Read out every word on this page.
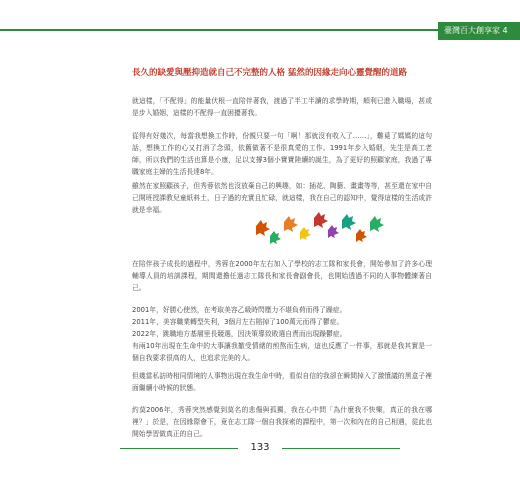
臺灣百大創享家 4
長久的缺愛與壓抑造就自己不完整的人格 猛然的因緣走向心靈覺醒的道路
就這樣，「不配得」的能量伏根一直陪伴著我，渡過了半工半讀的求學時期，順利已進入職場，甚或是步入婚姻，這樣的不配得一直困擾著我。
從得有好幾次，每當我想換工作時，份親只要一句「啊！那就沒有收入了……」，難覓了媽媽的這句話，想換工作的心又打消了念頭，依舊做著不是很真愛的工作。1991年步入婚姻，先生是高工老師，所以我們的生活也算是小康，足以支撐3個小寶寶陸續的誕生，為了更好的照顧家庭，我過了專職家庭主婦的生活長達8年。
雖然在家照顧孩子，但秀蓉依然也沒放棄自己的興趣，如：插花、陶藝、畫畫等等，甚至還在家中自己開班授課教兒童紙料土，日子過的充實且忙碌，就這樣，我在自己的認知中，覺得這樣的生活或許就是幸福。
在陪伴孩子成長的過程中，秀蓉在2000年左右加入了學校的志工隊和家長會，開始參加了許多心理輔導人員的培訓課程，期間還擔任過志工隊長和家長會副會長，也開始透過不同的人事物體練著自己。
2001年，好勝心使然，在考取美容乙級時閃壓力不堪負荷而得了躁症。
2011年，美容職業轉型失利，3個月左右賠掉了100萬元而得了鬱症。
2022年，跳職地方基層里長競選，因決策導致敗選自責而出現躁鬱症。
有兩10年出現在生命中的大事讓我撤受情緒的煎熬而生病，這也反應了一件事，那就是我其實是一個自我要求很高的人，也追求完美的人。
但幾當私訪時相同情境的人事物出現在我生命中時，看似自信的我卻在瞬間掉入了激憤議的黑盒子裡面繼續小時候的狀態。
約莫2006年，秀蓉突然感覺到莫名的悲傷與孤獨，我在心中問「為什麼我不快樂，真正的我在哪裡？」於是，在因緣際會下，竟在志工隊一個自我探索的課程中，第一次和內在的自己相遇，從此也開始學習做真正的自己。
133
